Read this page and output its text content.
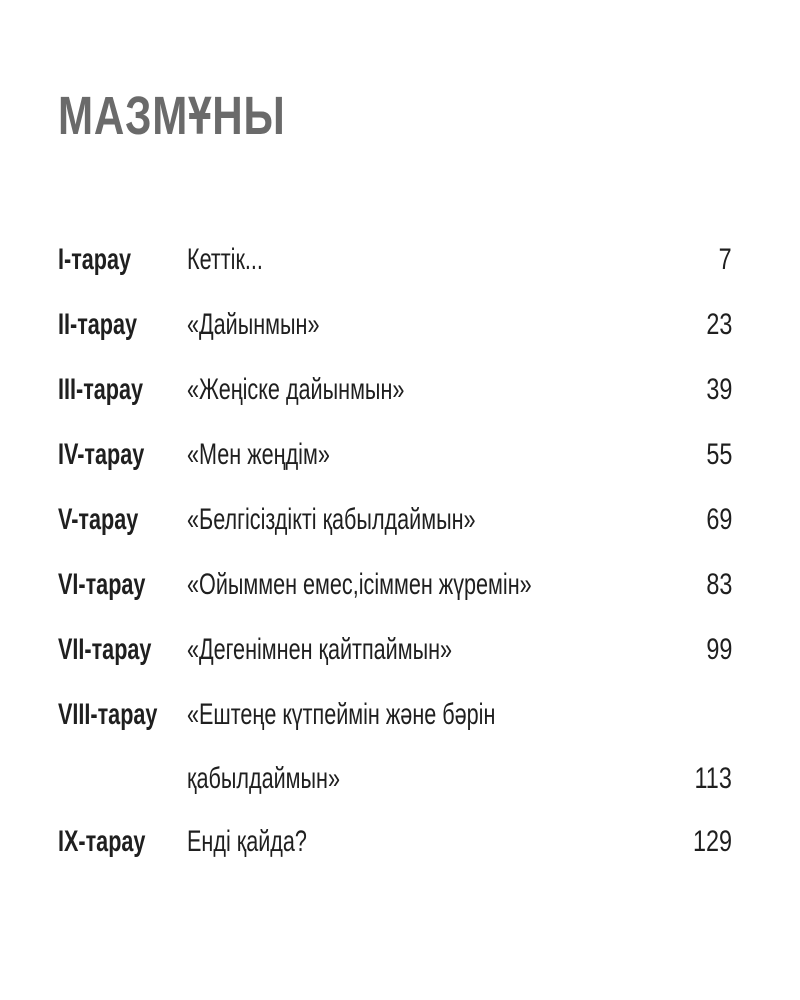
МАЗМҰНЫ
I-тарау Кеттік...	7
II-тарау «Дайынмын»	23
III-тарау «Жеңіске дайынмын»	39
IV-тарау «Мен жеңдім»	55
V-тарау «Белгісіздікті қабылдаймын»	69
VI-тарау «Ойыммен емес,ісіммен жүремін»	83
VII-тарау «Дегенімнен қайтпаймын»	99
VIII-тарау «Ештеңе күтпеймін және бәрін
қабылдаймын»	113
IX-тарау Енді қайда?	129
